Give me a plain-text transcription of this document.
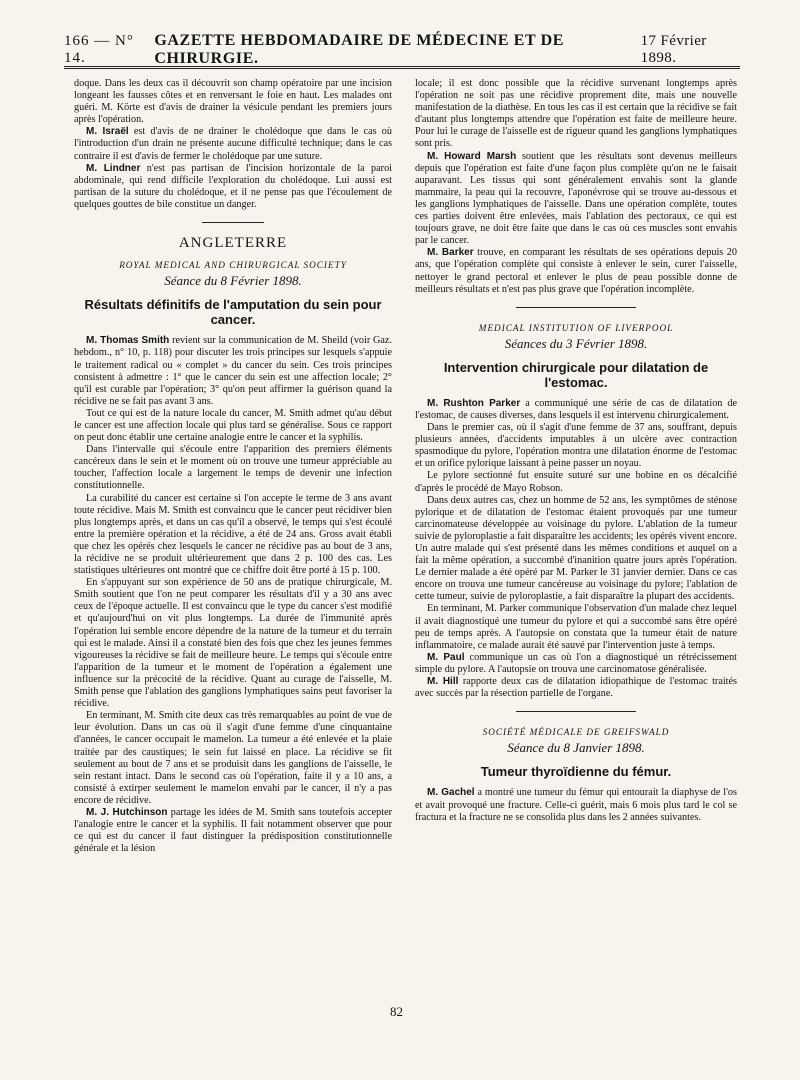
166 — N° 14.
GAZETTE HEBDOMADAIRE DE MÉDECINE ET DE CHIRURGIE.
17 Février 1898.

doque. Dans les deux cas il découvrit son champ opératoire par une incision longeant les fausses côtes et en renversant le foie en haut. Les malades ont guéri. M. Körte est d'avis de drainer la vésicule pendant les premiers jours après l'opération.

M. Israël est d'avis de ne drainer le cholédoque que dans le cas où l'introduction d'un drain ne présente aucune difficulté technique; dans le cas contraire il est d'avis de fermer le cholédoque par une suture.

M. Lindner n'est pas partisan de l'incision horizontale de la paroi abdominale, qui rend difficile l'exploration du cholédoque. Lui aussi est partisan de la suture du cholédoque, et il ne pense pas que l'écoulement de quelques gouttes de bile constitue un danger.

ANGLETERRE
ROYAL MEDICAL AND CHIRURGICAL SOCIETY
Séance du 8 Février 1898.
Résultats définitifs de l'amputation du sein pour cancer.

M. Thomas Smith revient sur la communication de M. Sheild (voir Gaz. hebdom., n° 10, p. 118) pour discuter les trois principes sur lesquels s'appuie le traitement radical ou « complet » du cancer du sein. Ces trois principes consistent à admettre : 1° que le cancer du sein est une affection locale; 2° qu'il est curable par l'opération; 3° qu'on peut affirmer la guérison quand la récidive ne se fait pas avant 3 ans.

Tout ce qui est de la nature locale du cancer, M. Smith admet qu'au début le cancer est une affection locale qui plus tard se généralise. Sous ce rapport on peut donc établir une certaine analogie entre le cancer et la syphilis.

Dans l'intervalle qui s'écoule entre l'apparition des premiers éléments cancéreux dans le sein et le moment où on trouve une tumeur appréciable au toucher, l'affection locale a largement le temps de devenir une infection constitutionnelle.

La curabilité du cancer est certaine si l'on accepte le terme de 3 ans avant toute récidive. Mais M. Smith est convaincu que le cancer peut récidiver bien plus longtemps après, et dans un cas qu'il a observé, le temps qui s'est écoulé entre la première opération et la récidive, a été de 24 ans. Gross avait établi que chez les opérés chez lesquels le cancer ne récidive pas au bout de 3 ans, la récidive ne se produit ultérieurement que dans 2 p. 100 des cas. Les statistiques ultérieures ont montré que ce chiffre doit être porté à 15 p. 100.

En s'appuyant sur son expérience de 50 ans de pratique chirurgicale, M. Smith soutient que l'on ne peut comparer les résultats d'il y a 30 ans avec ceux de l'époque actuelle. Il est convaincu que le type du cancer s'est modifié et qu'aujourd'hui on vit plus longtemps. La durée de l'immunité après l'opération lui semble encore dépendre de la nature de la tumeur et du terrain qui est le malade. Ainsi il a constaté bien des fois que chez les jeunes femmes vigoureuses la récidive se fait de meilleure heure. Le temps qui s'écoule entre l'apparition de la tumeur et le moment de l'opération a également une influence sur la précocité de la récidive. Quant au curage de l'aisselle, M. Smith pense que l'ablation des ganglions lymphatiques sains peut favoriser la récidive.

En terminant, M. Smith cite deux cas très remarquables au point de vue de leur évolution. Dans un cas où il s'agit d'une femme d'une cinquantaine d'années, le cancer occupait le mamelon. La tumeur a été enlevée et la plaie traitée par des caustiques; le sein fut laissé en place. La récidive se fit seulement au bout de 7 ans et se produisit dans les ganglions de l'aisselle, le sein restant intact. Dans le second cas où l'opération, faite il y a 10 ans, a consisté à extirper seulement le mamelon envahi par le cancer, il n'y a pas encore de récidive.

M. J. Hutchinson partage les idées de M. Smith sans toutefois accepter l'analogie entre le cancer et la syphilis. Il fait notamment observer que pour ce qui est du cancer il faut distinguer la prédisposition constitutionnelle générale et la lésion

locale; il est donc possible que la récidive survenant longtemps après l'opération ne soit pas une récidive proprement dite, mais une nouvelle manifestation de la diathèse. En tous les cas il est certain que la récidive se fait d'autant plus longtemps attendre que l'opération est faite de meilleure heure. Pour lui le curage de l'aisselle est de rigueur quand les ganglions lymphatiques sont pris.

M. Howard Marsh soutient que les résultats sont devenus meilleurs depuis que l'opération est faite d'une façon plus complète qu'on ne le faisait auparavant. Les tissus qui sont généralement envahis sont la glande mammaire, la peau qui la recouvre, l'aponévrose qui se trouve au-dessous et les ganglions lymphatiques de l'aisselle. Dans une opération complète, toutes ces parties doivent être enlevées, mais l'ablation des pectoraux, ce qui est toujours grave, ne doit être faite que dans le cas où ces muscles sont envahis par le cancer.

M. Barker trouve, en comparant les résultats de ses opérations depuis 20 ans, que l'opération complète qui consiste à enlever le sein, curer l'aisselle, nettoyer le grand pectoral et enlever le plus de peau possible donne de meilleurs résultats et n'est pas plus grave que l'opération incomplète.

MEDICAL INSTITUTION OF LIVERPOOL
Séances du 3 Février 1898.
Intervention chirurgicale pour dilatation de l'estomac.

M. Rushton Parker a communiqué une série de cas de dilatation de l'estomac, de causes diverses, dans lesquels il est intervenu chirurgicalement.

Dans le premier cas, où il s'agit d'une femme de 37 ans, souffrant, depuis plusieurs années, d'accidents imputables à un ulcère avec contraction spasmodique du pylore, l'opération montra une dilatation énorme de l'estomac et un orifice pylorique laissant à peine passer un noyau.

Le pylore sectionné fut ensuite suturé sur une bobine en os décalcifié d'après le procédé de Mayo Robson.

Dans deux autres cas, chez un homme de 52 ans, les symptômes de sténose pylorique et de dilatation de l'estomac étaient provoqués par une tumeur carcinomateuse développée au voisinage du pylore. L'ablation de la tumeur suivie de pyloroplastie a fait disparaître les accidents; les opérés vivent encore. Un autre malade qui s'est présenté dans les mêmes conditions et auquel on a fait la même opération, a succombé d'inanition quatre jours après l'opération. Le dernier malade a été opéré par M. Parker le 31 janvier dernier. Dans ce cas encore on trouva une tumeur cancéreuse au voisinage du pylore; l'ablation de cette tumeur, suivie de pyloroplastie, a fait disparaître la plupart des accidents.

En terminant, M. Parker communique l'observation d'un malade chez lequel il avait diagnostiqué une tumeur du pylore et qui a succombé sans être opéré peu de temps après. A l'autopsie on constata que la tumeur était de nature inflammatoire, ce malade aurait été sauvé par l'intervention juste à temps.

M. Paul communique un cas où l'on a diagnostiqué un rétrécissement simple du pylore. A l'autopsie on trouva une carcinomatose généralisée.

M. Hill rapporte deux cas de dilatation idiopathique de l'estomac traités avec succès par la résection partielle de l'organe.

SOCIÉTÉ MÉDICALE DE GREIFSWALD
Séance du 8 Janvier 1898.
Tumeur thyroïdienne du fémur.

M. Gachel a montré une tumeur du fémur qui entourait la diaphyse de l'os et avait provoqué une fracture. Celle-ci guérit, mais 6 mois plus tard le col se fractura et la fracture ne se consolida plus dans les 2 années suivantes.

82
